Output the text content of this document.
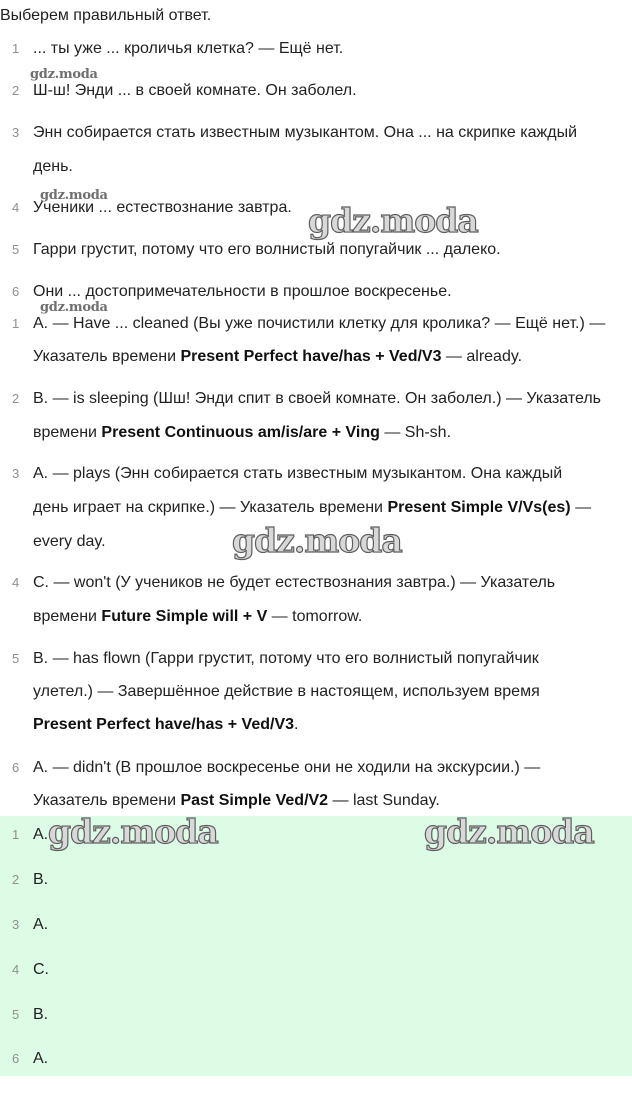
Выберем правильный ответ.
1 ... ты уже ... кроличья клетка? — Ещё нет.
2 Ш-ш! Энди ... в своей комнате. Он заболел.
3 Энн собирается стать известным музыкантом. Она ... на скрипке каждый
день.
4 Ученики ... естествознание завтра.
5 Гарри грустит, потому что его волнистый попугайчик ... далеко.
6 Они ... достопримечательности в прошлое воскресенье.
1 A. — Have ... cleaned (Вы уже почистили клетку для кролика? — Ещё нет.) —
Указатель времени Present Perfect have/has + Ved/V3 — already.
2 B. — is sleeping (Шш! Энди спит в своей комнате. Он заболел.) — Указатель
времени Present Continuous am/is/are + Ving — Sh-sh.
3 A. — plays (Энн собирается стать известным музыкантом. Она каждый
день играет на скрипке.) — Указатель времени Present Simple V/Vs(es) —
every day.
4 C. — won't (У учеников не будет естествознания завтра.) — Указатель
времени Future Simple will + V — tomorrow.
5 B. — has flown (Гарри грустит, потому что его волнистый попугайчик
улетел.) — Завершённое действие в настоящем, используем время
Present Perfect have/has + Ved/V3.
6 A. — didn't (В прошлое воскресенье они не ходили на экскурсии.) —
Указатель времени Past Simple Ved/V2 — last Sunday.
1 A.
2 B.
3 A.
4 C.
5 B.
6 A.
gdz.moda
gdz.moda
gdz.moda
gdz.moda
gdz.moda
gdz.moda	gdz.moda
